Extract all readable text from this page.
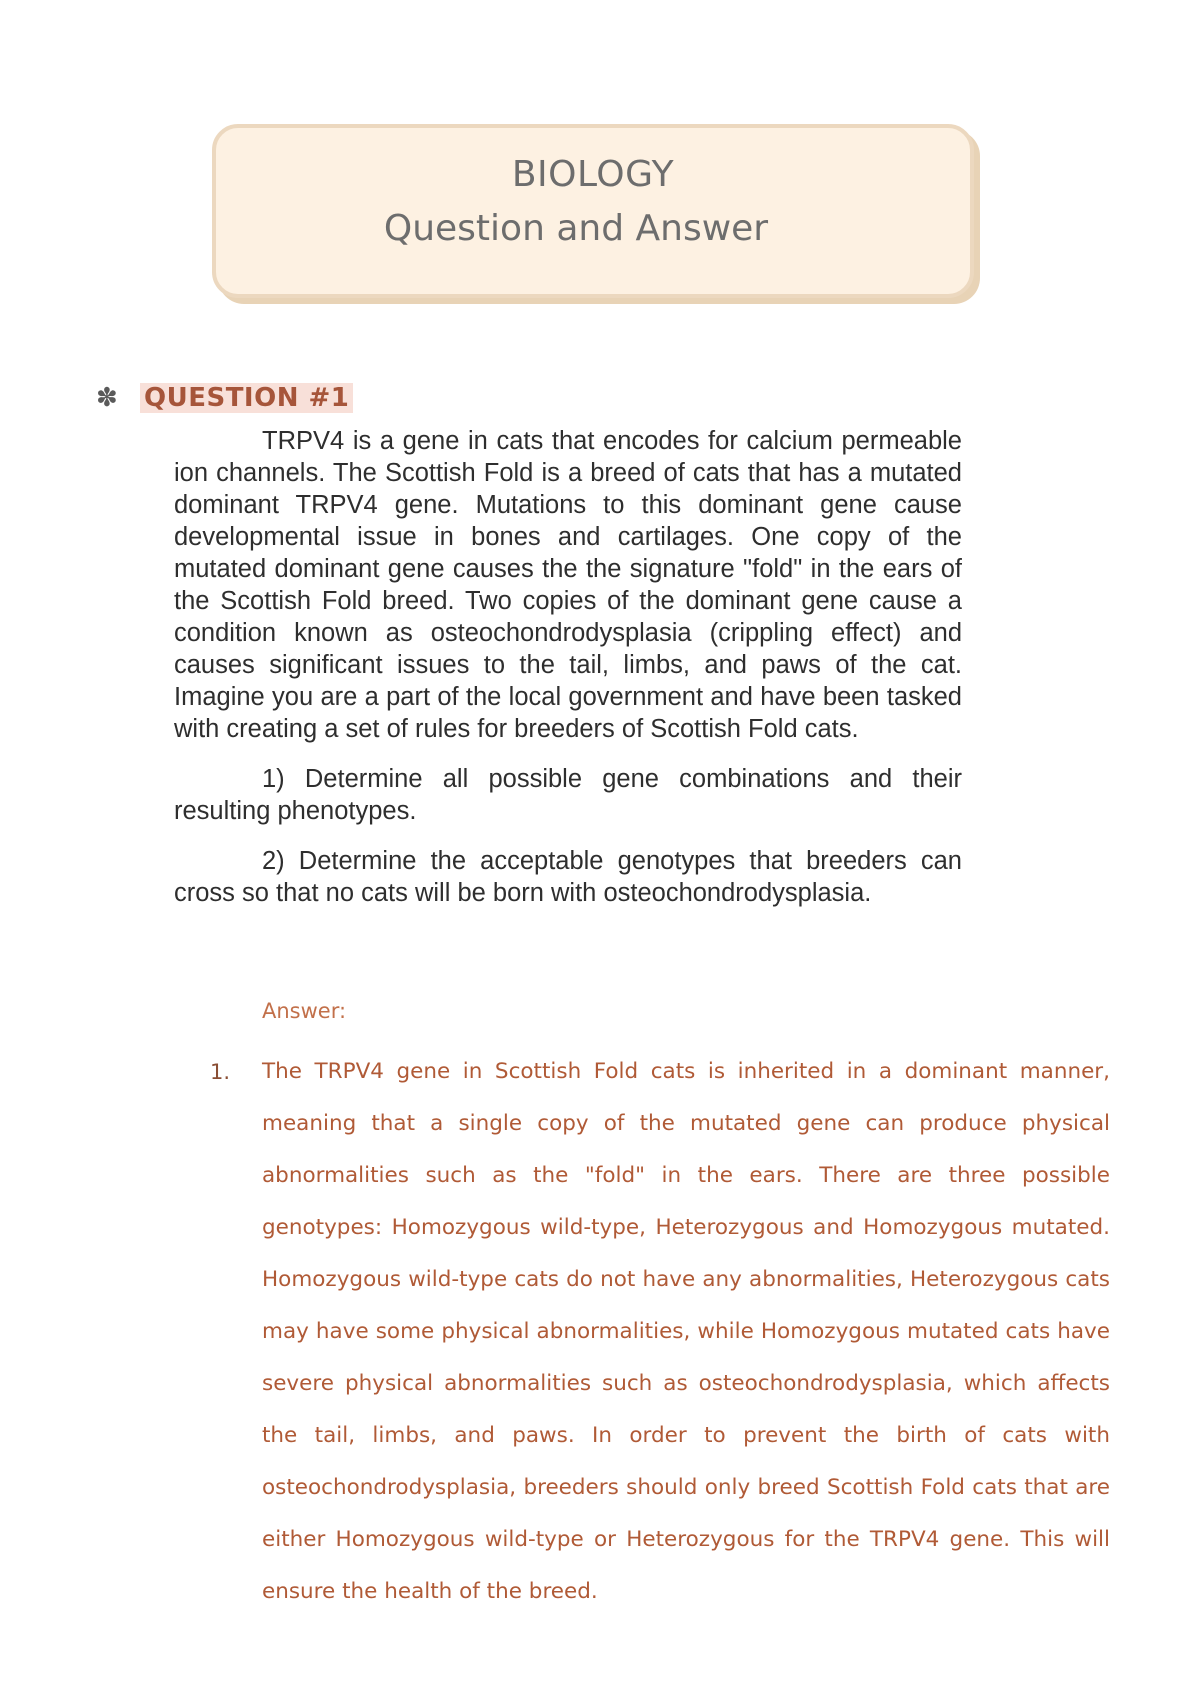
BIOLOGY
Question and Answer
✽	QUESTION #1

TRPV4 is a gene in cats that encodes for calcium permeable ion channels. The Scottish Fold is a breed of cats that has a mutated dominant TRPV4 gene. Mutations to this dominant gene cause developmental issue in bones and cartilages. One copy of the mutated dominant gene causes the the signature "fold" in the ears of the Scottish Fold breed. Two copies of the dominant gene cause a condition known as osteochondrodysplasia (crippling effect) and causes significant issues to the tail, limbs, and paws of the cat. Imagine you are a part of the local government and have been tasked with creating a set of rules for breeders of Scottish Fold cats.

1) Determine all possible gene combinations and their resulting phenotypes.

2) Determine the acceptable genotypes that breeders can cross so that no cats will be born with osteochondrodysplasia.

Answer:
1.	The TRPV4 gene in Scottish Fold cats is inherited in a dominant manner, meaning that a single copy of the mutated gene can produce physical abnormalities such as the "fold" in the ears. There are three possible genotypes: Homozygous wild-type, Heterozygous and Homozygous mutated. Homozygous wild-type cats do not have any abnormalities, Heterozygous cats may have some physical abnormalities, while Homozygous mutated cats have severe physical abnormalities such as osteochondrodysplasia, which affects the tail, limbs, and paws. In order to prevent the birth of cats with osteochondrodysplasia, breeders should only breed Scottish Fold cats that are either Homozygous wild-type or Heterozygous for the TRPV4 gene. This will ensure the health of the breed.
